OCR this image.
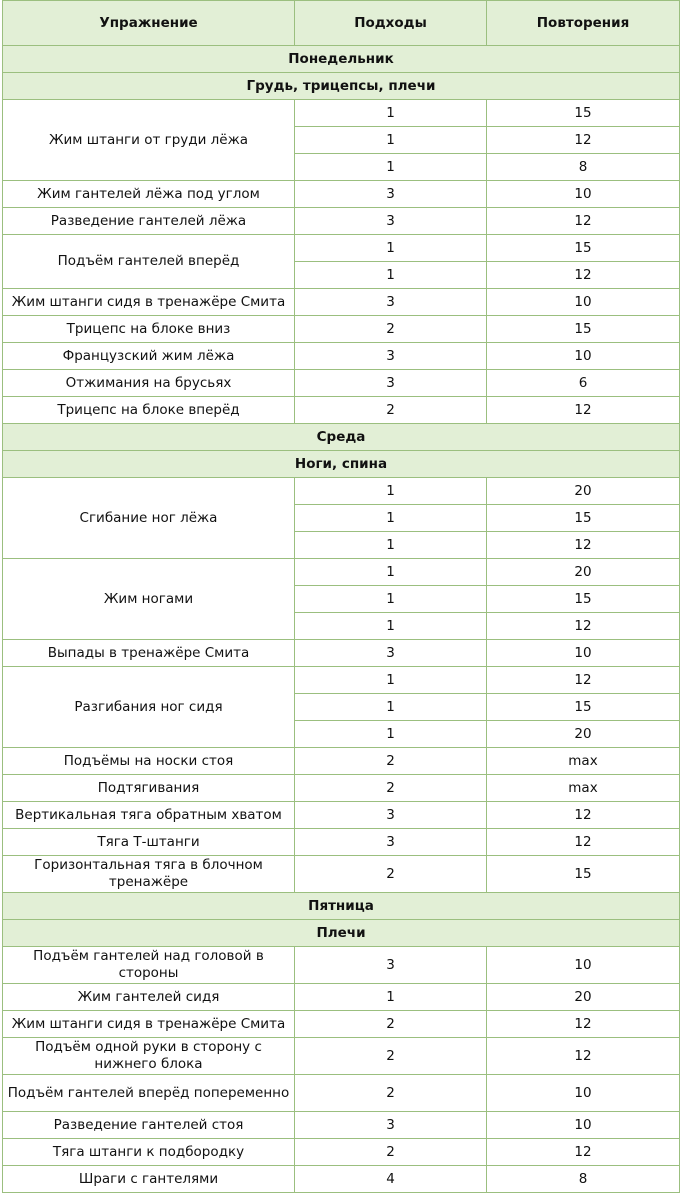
Упражнение	Подходы	Повторения
Понедельник		
Грудь, трицепсы, плечи		
Жим штанги от груди лёжа	1	15
	1	12
	1	8
Жим гантелей лёжа под углом	3	10
Разведение гантелей лёжа	3	12
Подъём гантелей вперёд	1	15
	1	12
Жим штанги сидя в тренажёре Смита	3	10
Трицепс на блоке вниз	2	15
Французский жим лёжа	3	10
Отжимания на брусьях	3	6
Трицепс на блоке вперёд	2	12
Среда		
Ноги, спина		
Сгибание ног лёжа	1	20
	1	15
	1	12
Жим ногами	1	20
	1	15
	1	12
Выпады в тренажёре Смита	3	10
Разгибания ног сидя	1	12
	1	15
	1	20
Подъёмы на носки стоя	2	max
Подтягивания	2	max
Вертикальная тяга обратным хватом	3	12
Тяга Т-штанги	3	12
Горизонтальная тяга в блочном тренажёре	2	15
Пятница		
Плечи		
Подъём гантелей над головой в стороны	3	10
Жим гантелей сидя	1	20
Жим штанги сидя в тренажёре Смита	2	12
Подъём одной руки в сторону с нижнего блока	2	12
Подъём гантелей вперёд попеременно	2	10
Разведение гантелей стоя	3	10
Тяга штанги к подбородку	2	12
Шраги с гантелями	4	8
